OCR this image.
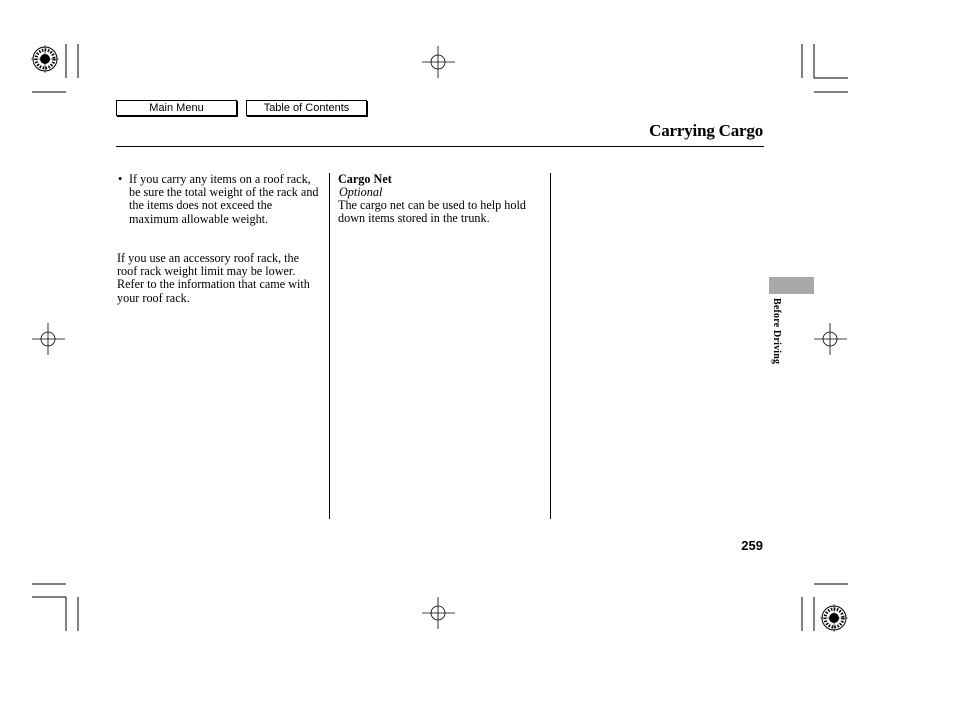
Main Menu	Table of Contents
Carrying Cargo
• If you carry any items on a roof rack, be sure the total weight of the rack and the items does not exceed the maximum allowable weight.
If you use an accessory roof rack, the roof rack weight limit may be lower. Refer to the information that came with your roof rack.
Cargo Net
Optional
The cargo net can be used to help hold down items stored in the trunk.
Before Driving
259
